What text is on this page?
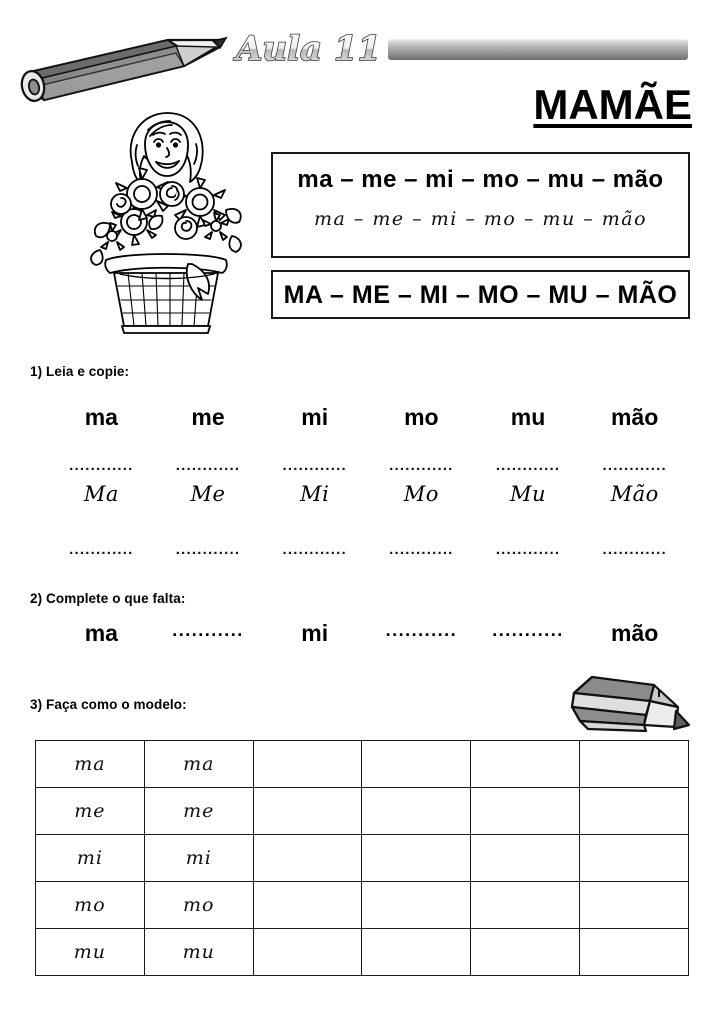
Aula 11
MAMÃE
ma – me – mi – mo – mu – mão
ma – me – mi – mo – mu – mão
MA – ME – MI – MO – MU – MÃO
1) Leia e copie:
ma	me	mi	mo	mu	mão
............	............	............	............	............	............
Ma	Me	Mi	Mo	Mu	Mão
............	............	............	............	............	............
2) Complete o que falta:
ma	...........	mi	...........	...........	mão
3) Faça como o modelo:
ma	ma				
me	me				
mi	mi				
mo	mo				
mu	mu				
